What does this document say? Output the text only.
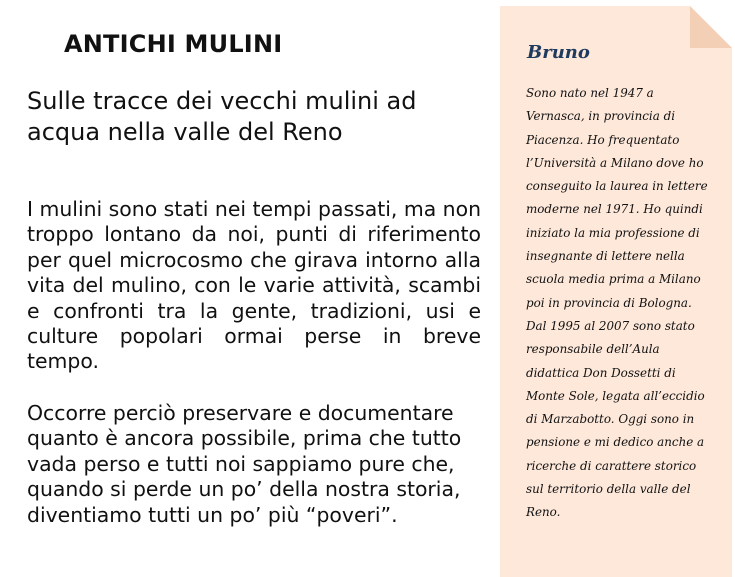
ANTICHI MULINI
Sulle tracce dei vecchi mulini ad acqua nella valle del Reno

I mulini sono stati nei tempi passati, ma non troppo lontano da noi, punti di riferimento per quel microcosmo che girava intorno alla vita del mulino, con le varie attività, scambi e confronti tra la gente, tradizioni, usi e culture popolari ormai perse in breve tempo.

Occorre perciò preservare e documentare quanto è ancora possibile, prima che tutto vada perso e tutti noi sappiamo pure che, quando si perde un po’ della nostra storia, diventiamo tutti un po’ più “poveri”.

Bruno

Sono nato nel 1947 a Vernasca, in provincia di Piacenza. Ho frequentato l’Università a Milano dove ho conseguito la laurea in lettere moderne nel 1971. Ho quindi iniziato la mia professione di insegnante di lettere nella scuola media prima a Milano poi in provincia di Bologna. Dal 1995 al 2007 sono stato responsabile dell’Aula didattica Don Dossetti di Monte Sole, legata all’eccidio di Marzabotto. Oggi sono in pensione e mi dedico anche a ricerche di carattere storico sul territorio della valle del Reno.
